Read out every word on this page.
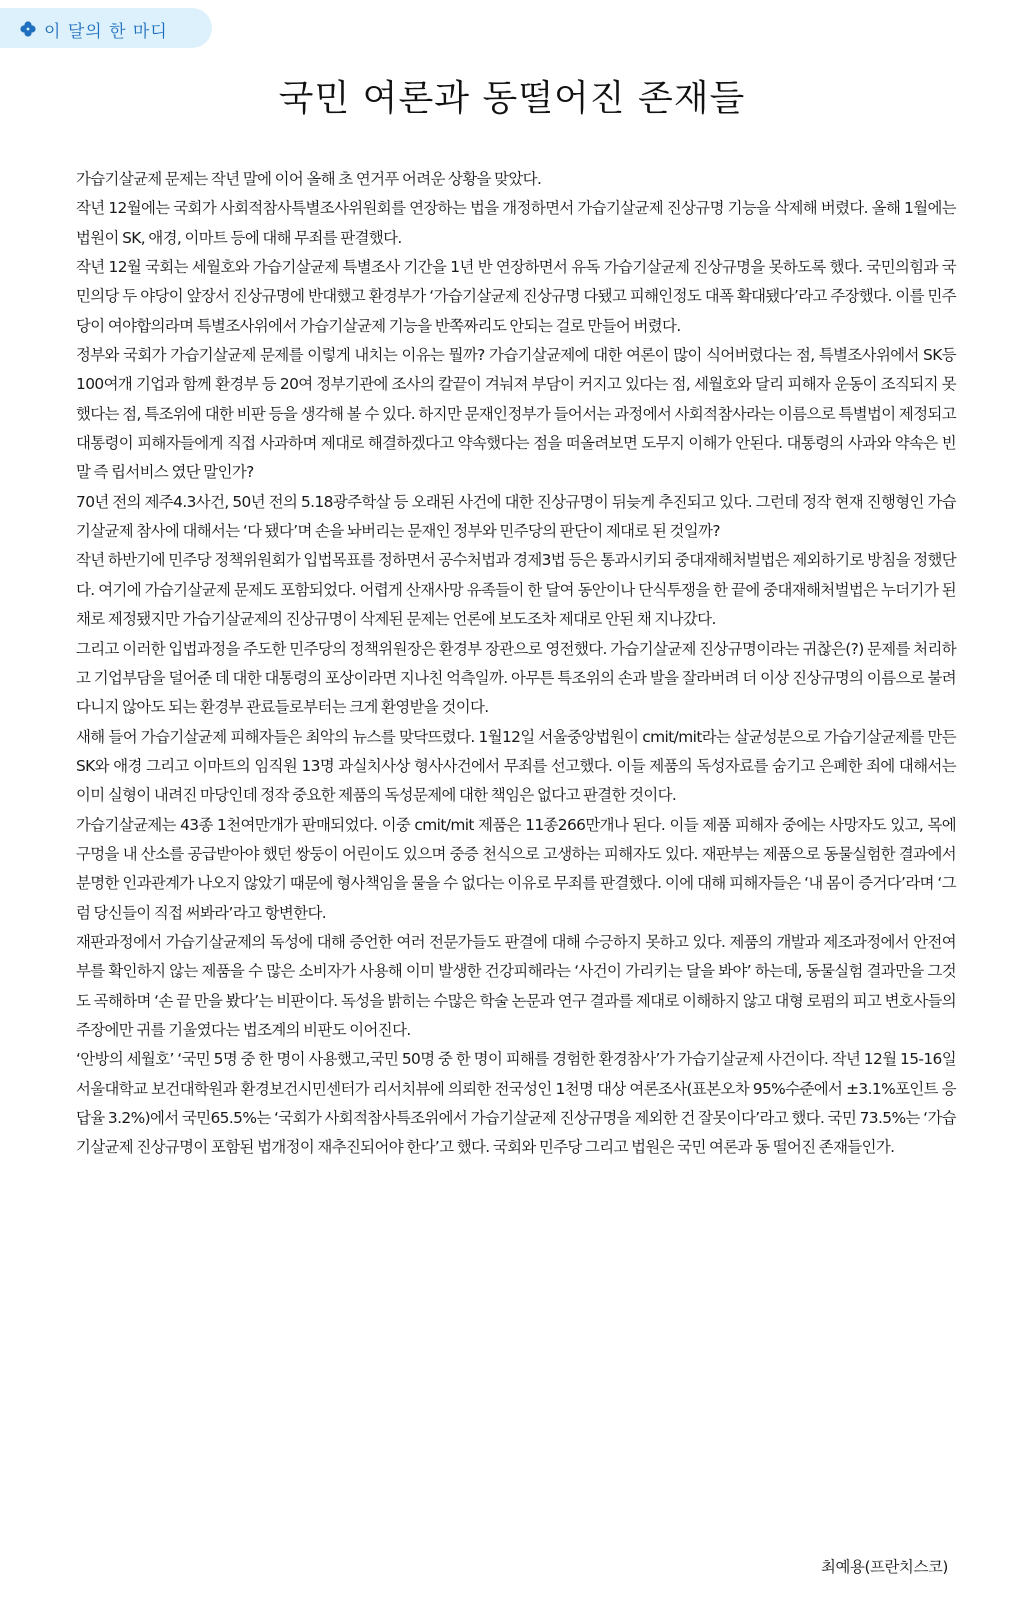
이 달의 한 마디
국민 여론과 동떨어진 존재들

가습기살균제 문제는 작년 말에 이어 올해 초 연거푸 어려운 상황을 맞았다.

작년 12월에는 국회가 사회적참사특별조사위원회를 연장하는 법을 개정하면서 가습기살균제 진상규명 기능을 삭제해 버렸다. 올해 1월에는 법원이 SK, 애경, 이마트 등에 대해 무죄를 판결했다.

작년 12월 국회는 세월호와 가습기살균제 특별조사 기간을 1년 반 연장하면서 유독 가습기살균제 진상규명을 못하도록 했다. 국민의힘과 국민의당 두 야당이 앞장서 진상규명에 반대했고 환경부가 ‘가습기살균제 진상규명 다됐고 피해인정도 대폭 확대됐다’라고 주장했다. 이를 민주당이 여야합의라며 특별조사위에서 가습기살균제 기능을 반쪽짜리도 안되는 걸로 만들어 버렸다.

정부와 국회가 가습기살균제 문제를 이렇게 내치는 이유는 뭘까? 가습기살균제에 대한 여론이 많이 식어버렸다는 점, 특별조사위에서 SK등 100여개 기업과 함께 환경부 등 20여 정부기관에 조사의 칼끝이 겨눠져 부담이 커지고 있다는 점, 세월호와 달리 피해자 운동이 조직되지 못했다는 점, 특조위에 대한 비판 등을 생각해 볼 수 있다. 하지만 문재인정부가 들어서는 과정에서 사회적참사라는 이름으로 특별법이 제정되고 대통령이 피해자들에게 직접 사과하며 제대로 해결하겠다고 약속했다는 점을 떠올려보면 도무지 이해가 안된다. 대통령의 사과와 약속은 빈말 즉 립서비스 였단 말인가?

70년 전의 제주4.3사건, 50년 전의 5.18광주학살 등 오래된 사건에 대한 진상규명이 뒤늦게 추진되고 있다. 그런데 정작 현재 진행형인 가습기살균제 참사에 대해서는 ‘다 됐다’며 손을 놔버리는 문재인 정부와 민주당의 판단이 제대로 된 것일까?

작년 하반기에 민주당 정책위원회가 입법목표를 정하면서 공수처법과 경제3법 등은 통과시키되 중대재해처벌법은 제외하기로 방침을 정했단다. 여기에 가습기살균제 문제도 포함되었다. 어렵게 산재사망 유족들이 한 달여 동안이나 단식투쟁을 한 끝에 중대재해처벌법은 누더기가 된 채로 제정됐지만 가습기살균제의 진상규명이 삭제된 문제는 언론에 보도조차 제대로 안된 채 지나갔다.

그리고 이러한 입법과정을 주도한 민주당의 정책위원장은 환경부 장관으로 영전했다. 가습기살균제 진상규명이라는 귀찮은(?) 문제를 처리하고 기업부담을 덜어준 데 대한 대통령의 포상이라면 지나친 억측일까. 아무튼 특조위의 손과 발을 잘라버려 더 이상 진상규명의 이름으로 불려다니지 않아도 되는 환경부 관료들로부터는 크게 환영받을 것이다.

새해 들어 가습기살균제 피해자들은 최악의 뉴스를 맞닥뜨렸다. 1월12일 서울중앙법원이 cmit/mit라는 살균성분으로 가습기살균제를 만든SK와 애경 그리고 이마트의 임직원 13명 과실치사상 형사사건에서 무죄를 선고했다. 이들 제품의 독성자료를 숨기고 은폐한 죄에 대해서는 이미 실형이 내려진 마당인데 정작 중요한 제품의 독성문제에 대한 책임은 없다고 판결한 것이다.

가습기살균제는 43종 1천여만개가 판매되었다. 이중 cmit/mit 제품은 11종266만개나 된다. 이들 제품 피해자 중에는 사망자도 있고, 목에 구멍을 내 산소를 공급받아야 했던 쌍둥이 어린이도 있으며 중증 천식으로 고생하는 피해자도 있다. 재판부는 제품으로 동물실험한 결과에서 분명한 인과관계가 나오지 않았기 때문에 형사책임을 물을 수 없다는 이유로 무죄를 판결했다. 이에 대해 피해자들은 ‘내 몸이 증거다’라며 ‘그럼 당신들이 직접 써봐라’라고 항변한다.

재판과정에서 가습기살균제의 독성에 대해 증언한 여러 전문가들도 판결에 대해 수긍하지 못하고 있다. 제품의 개발과 제조과정에서 안전여부를 확인하지 않는 제품을 수 많은 소비자가 사용해 이미 발생한 건강피해라는 ‘사건이 가리키는 달을 봐야’ 하는데, 동물실험 결과만을 그것도 곡해하며 ‘손 끝 만을 봤다’는 비판이다. 독성을 밝히는 수많은 학술 논문과 연구 결과를 제대로 이해하지 않고 대형 로펌의 피고 변호사들의 주장에만 귀를 기울였다는 법조계의 비판도 이어진다.

‘안방의 세월호’ ‘국민 5명 중 한 명이 사용했고,국민 50명 중 한 명이 피해를 경험한 환경참사’가 가습기살균제 사건이다. 작년 12월 15-16일 서울대학교 보건대학원과 환경보건시민센터가 리서치뷰에 의뢰한 전국성인 1천명 대상 여론조사(표본오차 95%수준에서 ±3.1%포인트 응답율 3.2%)에서 국민65.5%는 ‘국회가 사회적참사특조위에서 가습기살균제 진상규명을 제외한 건 잘못이다’라고 했다. 국민 73.5%는 ‘가습기살균제 진상규명이 포함된 법개정이 재추진되어야 한다’고 했다. 국회와 민주당 그리고 법원은 국민 여론과 동 떨어진 존재들인가.

최예용(프란치스코)
